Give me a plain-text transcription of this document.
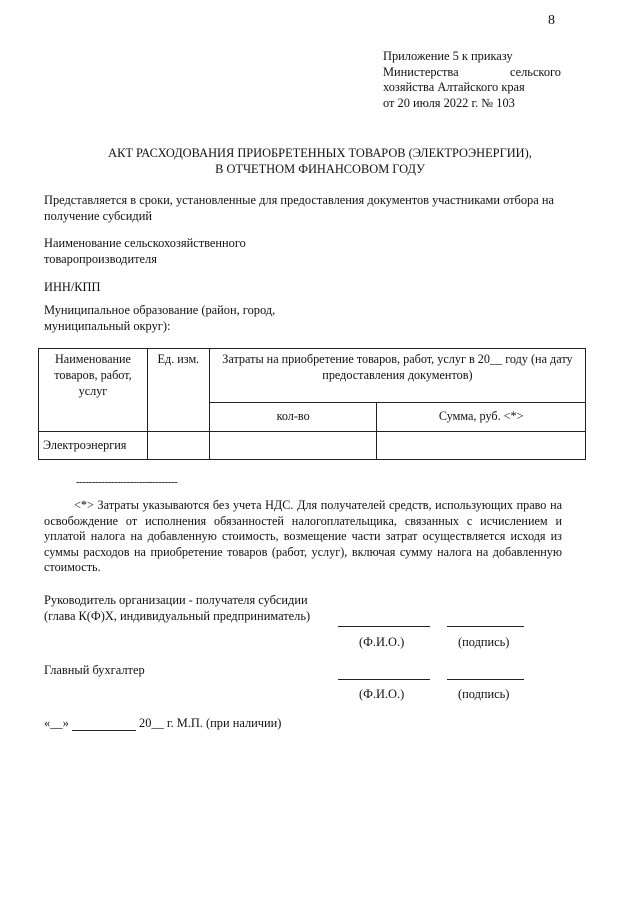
8
Приложение 5 к приказу
Министерства	сельского
хозяйства Алтайского края
от 20 июля 2022 г. № 103
АКТ РАСХОДОВАНИЯ ПРИОБРЕТЕННЫХ ТОВАРОВ (ЭЛЕКТРОЭНЕРГИИ),
В ОТЧЕТНОМ ФИНАНСОВОМ ГОДУ
Представляется в сроки, установленные для предоставления документов участниками отбора на получение субсидий
Наименование сельскохозяйственного товаропроизводителя
ИНН/КПП
Муниципальное образование (район, город, муниципальный округ):
Наименование товаров, работ, услуг	Ед. изм.	Затраты на приобретение товаров, работ, услуг в 20__ году (на дату предоставления документов)	
		кол-во	Сумма, руб. <*>
Электроэнергия			
--------------------------------
<*> Затраты указываются без учета НДС. Для получателей средств, использующих право на освобождение от исполнения обязанностей налогоплательщика, связанных с исчислением и уплатой налога на добавленную стоимость, возмещение части затрат осуществляется исходя из суммы расходов на приобретение товаров (работ, услуг), включая сумму налога на добавленную стоимость.
Руководитель организации - получателя субсидии
(глава К(Ф)Х, индивидуальный предприниматель)
(Ф.И.О.)	(подпись)
Главный бухгалтер
(Ф.И.О.)	(подпись)
«__»	20__ г. М.П. (при наличии)
